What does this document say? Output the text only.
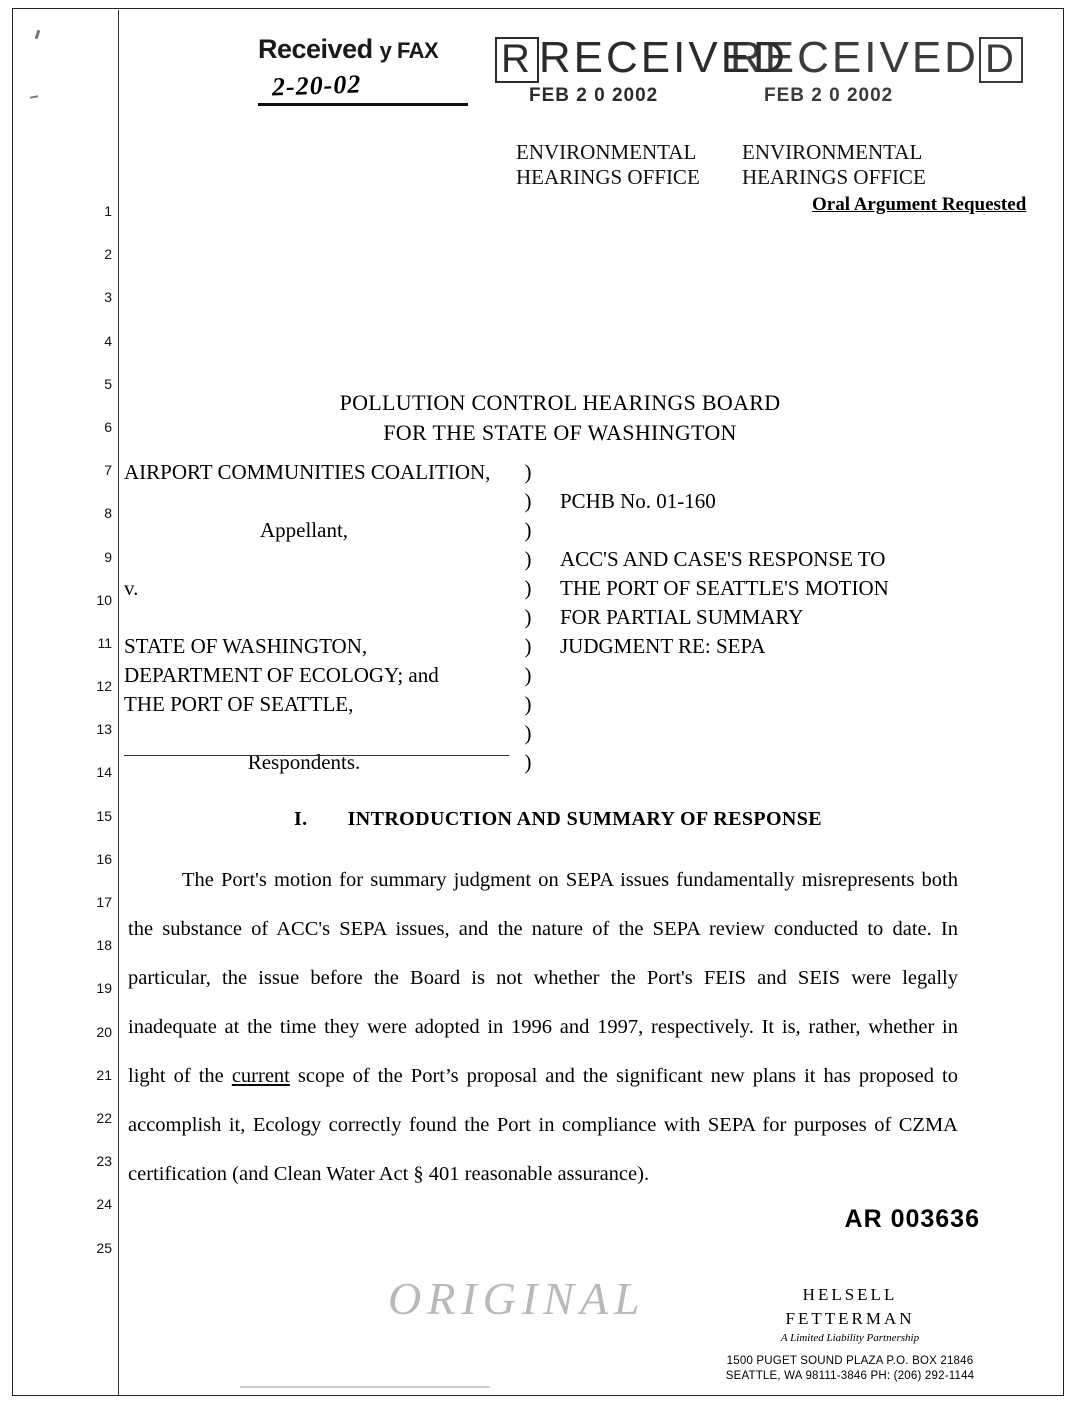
Received y FAX
2-20-02
R RECEIVED
FEB 2 0 2002
RECEIVED D
FEB 2 0 2002
ENVIRONMENTAL
HEARINGS OFFICE
ENVIRONMENTAL
HEARINGS OFFICE
Oral Argument Requested
1
2
3
4
5
6
7
8
9
10
11
12
13
14
15
16
17
18
19
20
21
22
23
24
25
POLLUTION CONTROL HEARINGS BOARD
FOR THE STATE OF WASHINGTON
AIRPORT COMMUNITIES COALITION,

Appellant,

v.

STATE OF WASHINGTON,
DEPARTMENT OF ECOLOGY; and
THE PORT OF SEATTLE,

Respondents.
)
)
)
)
)
)
)
)
)
)
)

PCHB No. 01-160

ACC'S AND CASE'S RESPONSE TO
THE PORT OF SEATTLE'S MOTION
FOR PARTIAL SUMMARY
JUDGMENT RE: SEPA
I. INTRODUCTION AND SUMMARY OF RESPONSE

The Port's motion for summary judgment on SEPA issues fundamentally misrepresents both the substance of ACC's SEPA issues, and the nature of the SEPA review conducted to date. In particular, the issue before the Board is not whether the Port's FEIS and SEIS were legally inadequate at the time they were adopted in 1996 and 1997, respectively. It is, rather, whether in light of the current scope of the Port’s proposal and the significant new plans it has proposed to accomplish it, Ecology correctly found the Port in compliance with SEPA for purposes of CZMA certification (and Clean Water Act § 401 reasonable assurance).

AR 003636
ORIGINAL	HELSELL
FETTERMAN
A Limited Liability Partnership
1500 PUGET SOUND PLAZA P.O. BOX 21846
SEATTLE, WA 98111-3846 PH: (206) 292-1144
